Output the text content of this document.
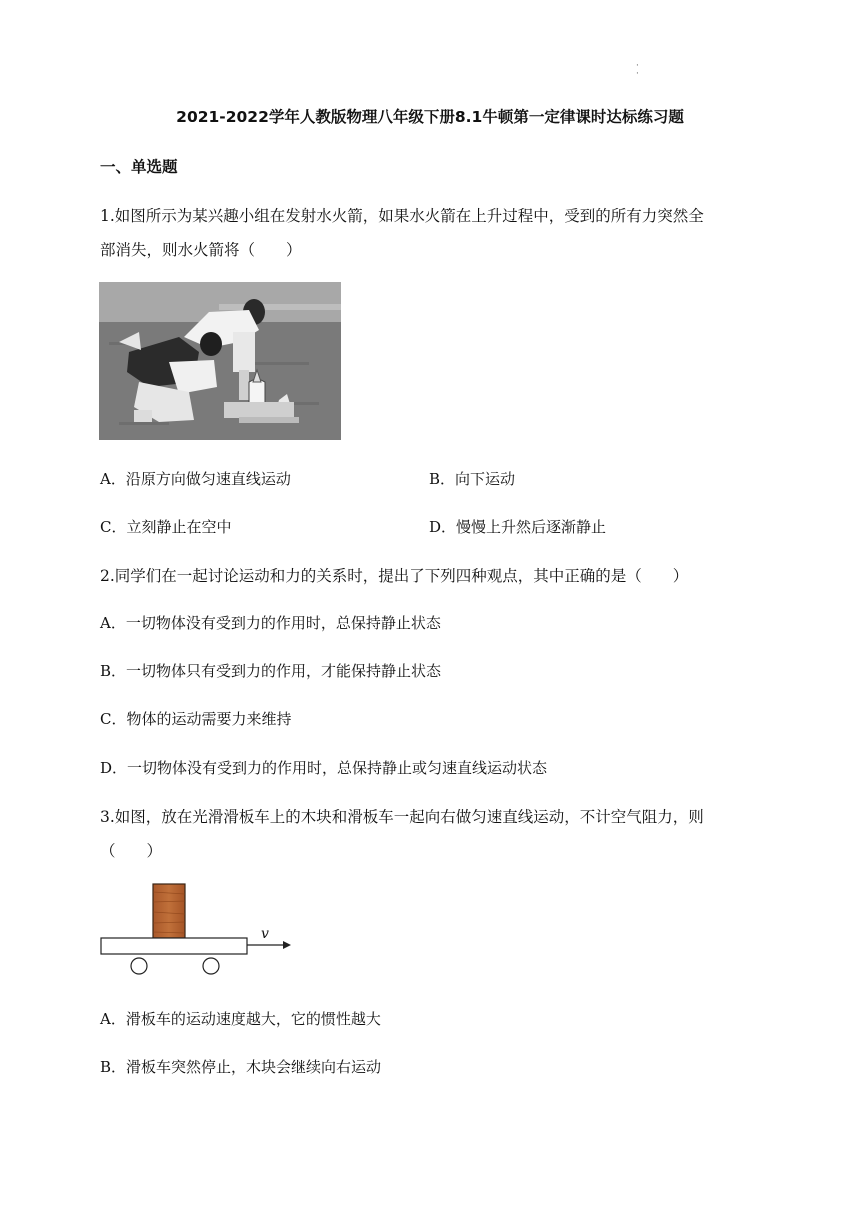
·
·
2021-2022学年人教版物理八年级下册8.1牛顿第一定律课时达标练习题
一、单选题
1.如图所示为某兴趣小组在发射水火箭，如果水火箭在上升过程中，受到的所有力突然全
部消失，则水火箭将（　　）
A．沿原方向做匀速直线运动	B．向下运动
C．立刻静止在空中	D．慢慢上升然后逐渐静止
2.同学们在一起讨论运动和力的关系时，提出了下列四种观点，其中正确的是（　　）
A．一切物体没有受到力的作用时，总保持静止状态
B．一切物体只有受到力的作用，才能保持静止状态
C．物体的运动需要力来维持
D．一切物体没有受到力的作用时，总保持静止或匀速直线运动状态
3.如图，放在光滑滑板车上的木块和滑板车一起向右做匀速直线运动，不计空气阻力，则
（　　）
v
A．滑板车的运动速度越大，它的惯性越大
B．滑板车突然停止，木块会继续向右运动
